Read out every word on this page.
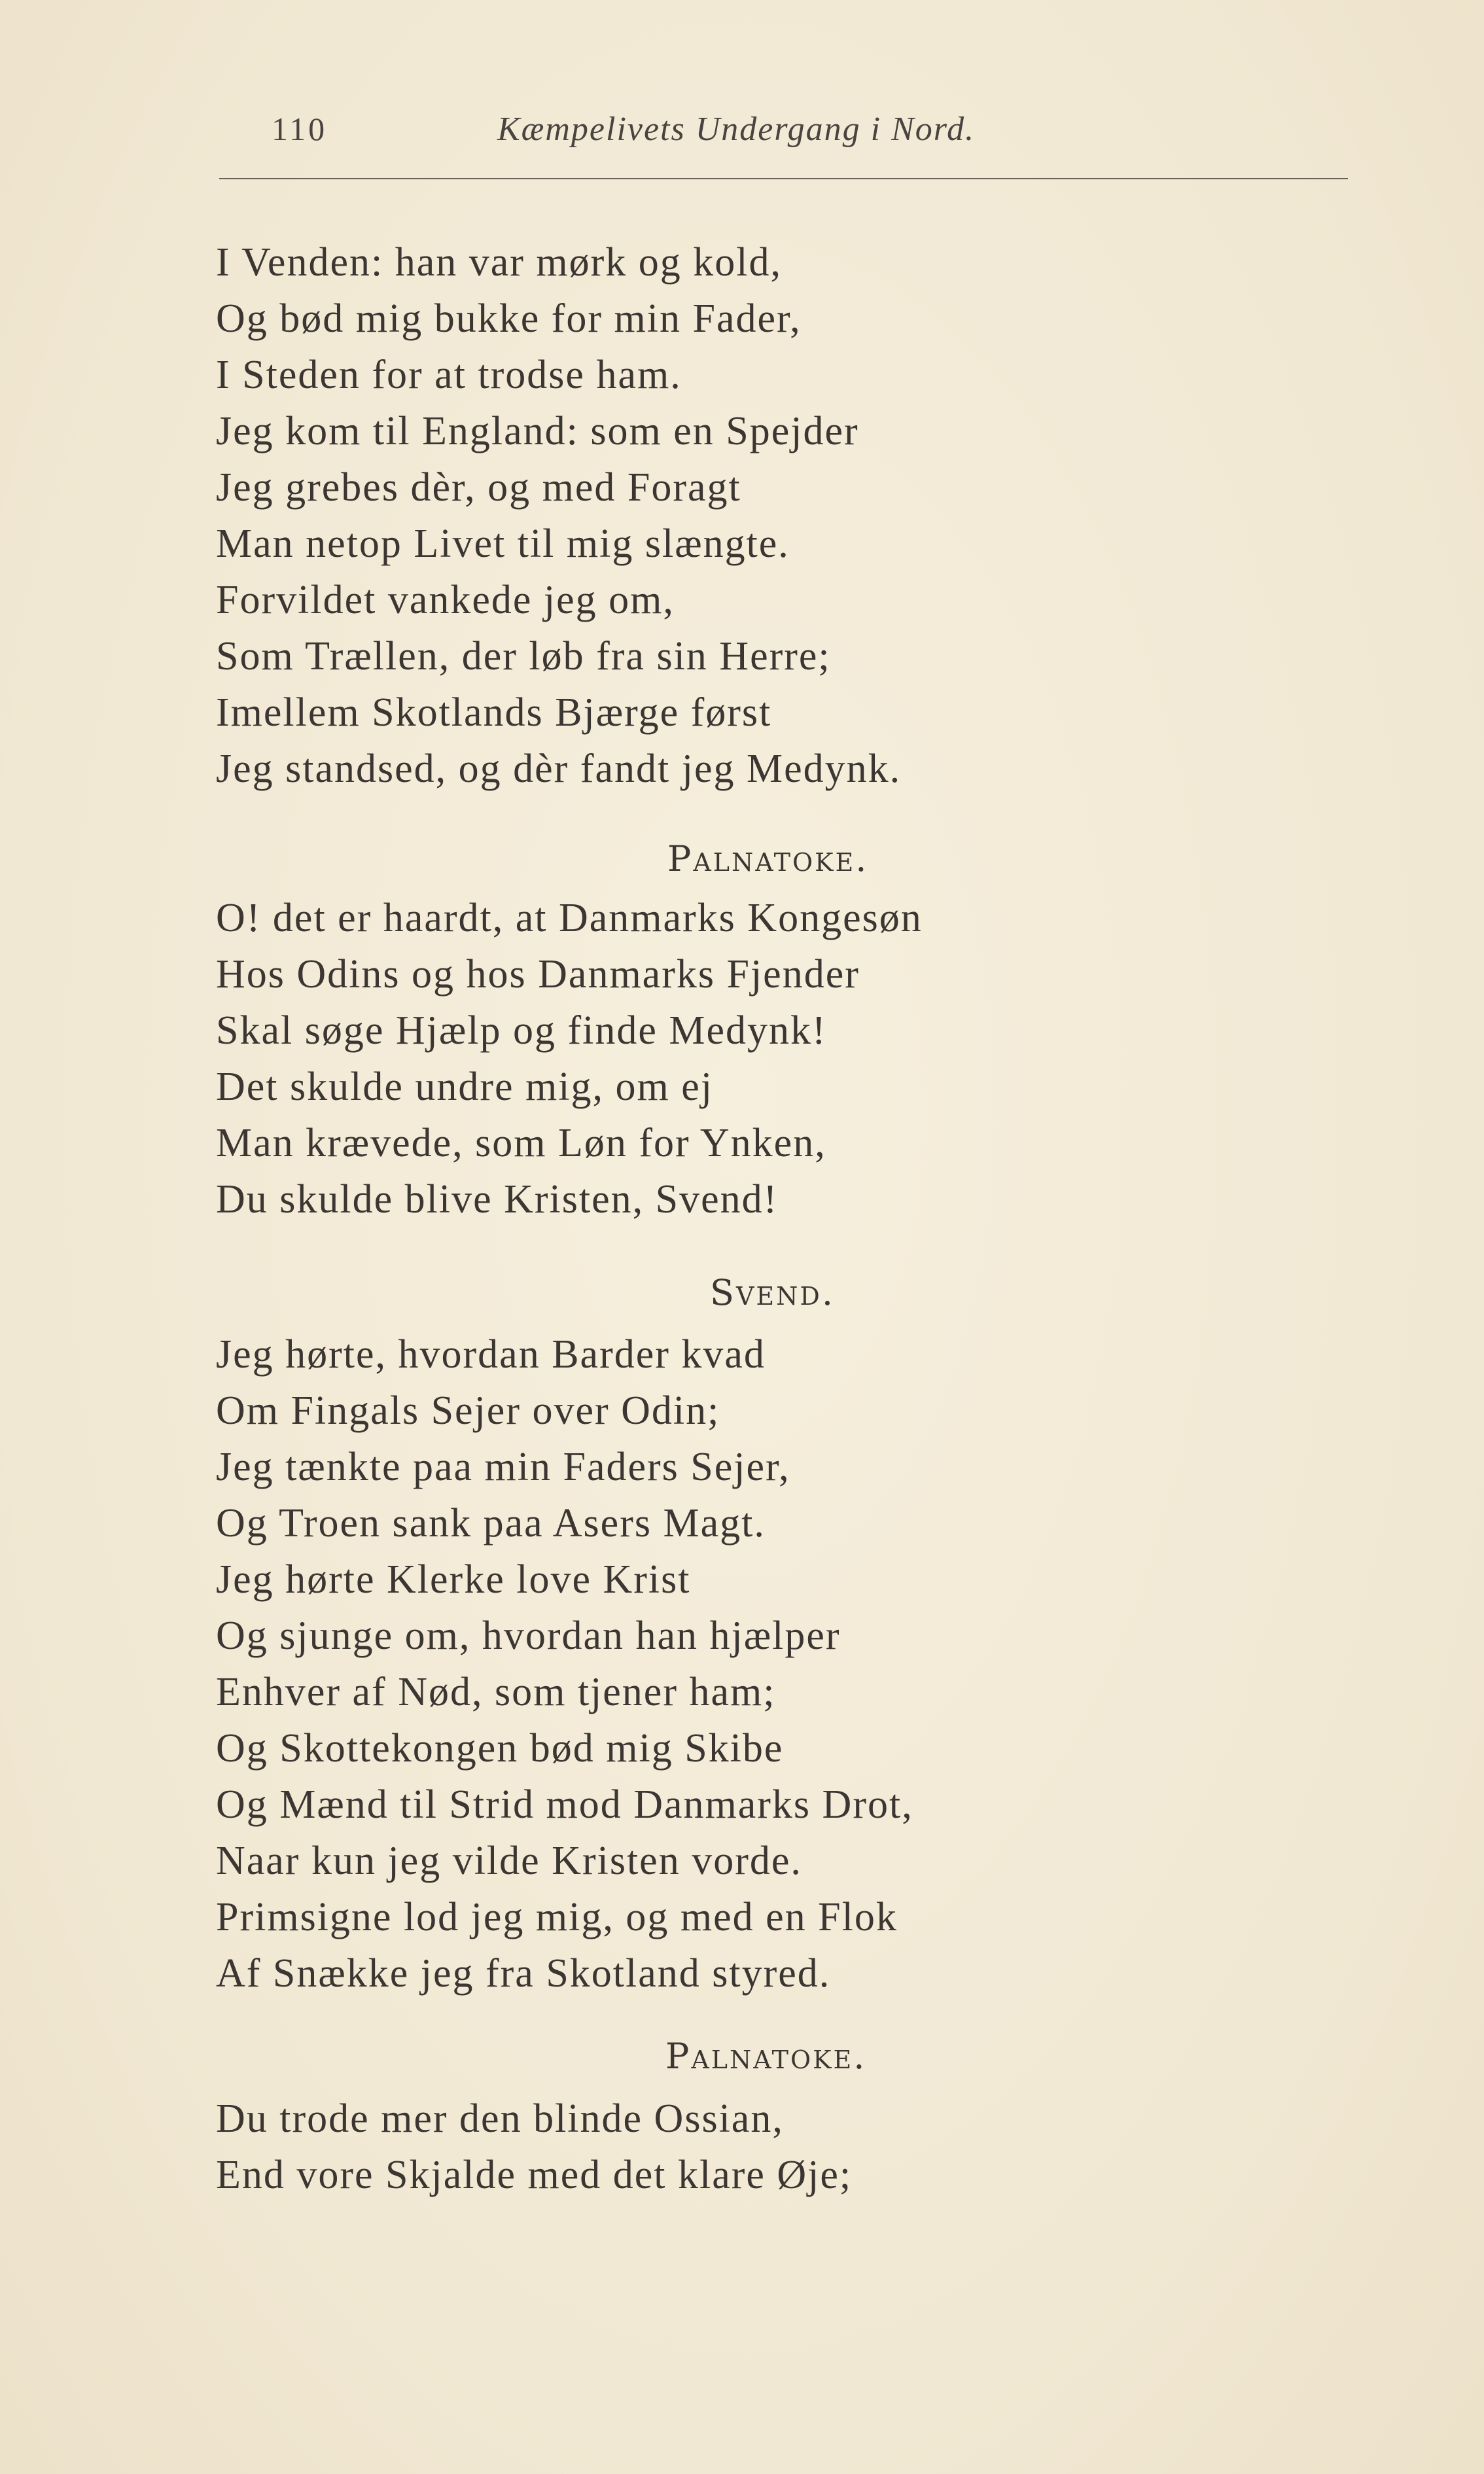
110	Kæmpelivets Undergang i Nord.
I Venden: han var mørk og kold,
Og bød mig bukke for min Fader,
I Steden for at trodse ham.
Jeg kom til England: som en Spejder
Jeg grebes dèr, og med Foragt
Man netop Livet til mig slængte.
Forvildet vankede jeg om,
Som Trællen, der løb fra sin Herre;
Imellem Skotlands Bjærge først
Jeg standsed, og dèr fandt jeg Medynk.
Palnatoke.
O! det er haardt, at Danmarks Kongesøn
Hos Odins og hos Danmarks Fjender
Skal søge Hjælp og finde Medynk!
Det skulde undre mig, om ej
Man krævede, som Løn for Ynken,
Du skulde blive Kristen, Svend!
Svend.
Jeg hørte, hvordan Barder kvad
Om Fingals Sejer over Odin;
Jeg tænkte paa min Faders Sejer,
Og Troen sank paa Asers Magt.
Jeg hørte Klerke love Krist
Og sjunge om, hvordan han hjælper
Enhver af Nød, som tjener ham;
Og Skottekongen bød mig Skibe
Og Mænd til Strid mod Danmarks Drot,
Naar kun jeg vilde Kristen vorde.
Primsigne lod jeg mig, og med en Flok
Af Snække jeg fra Skotland styred.
Palnatoke.
Du trode mer den blinde Ossian,
End vore Skjalde med det klare Øje;
